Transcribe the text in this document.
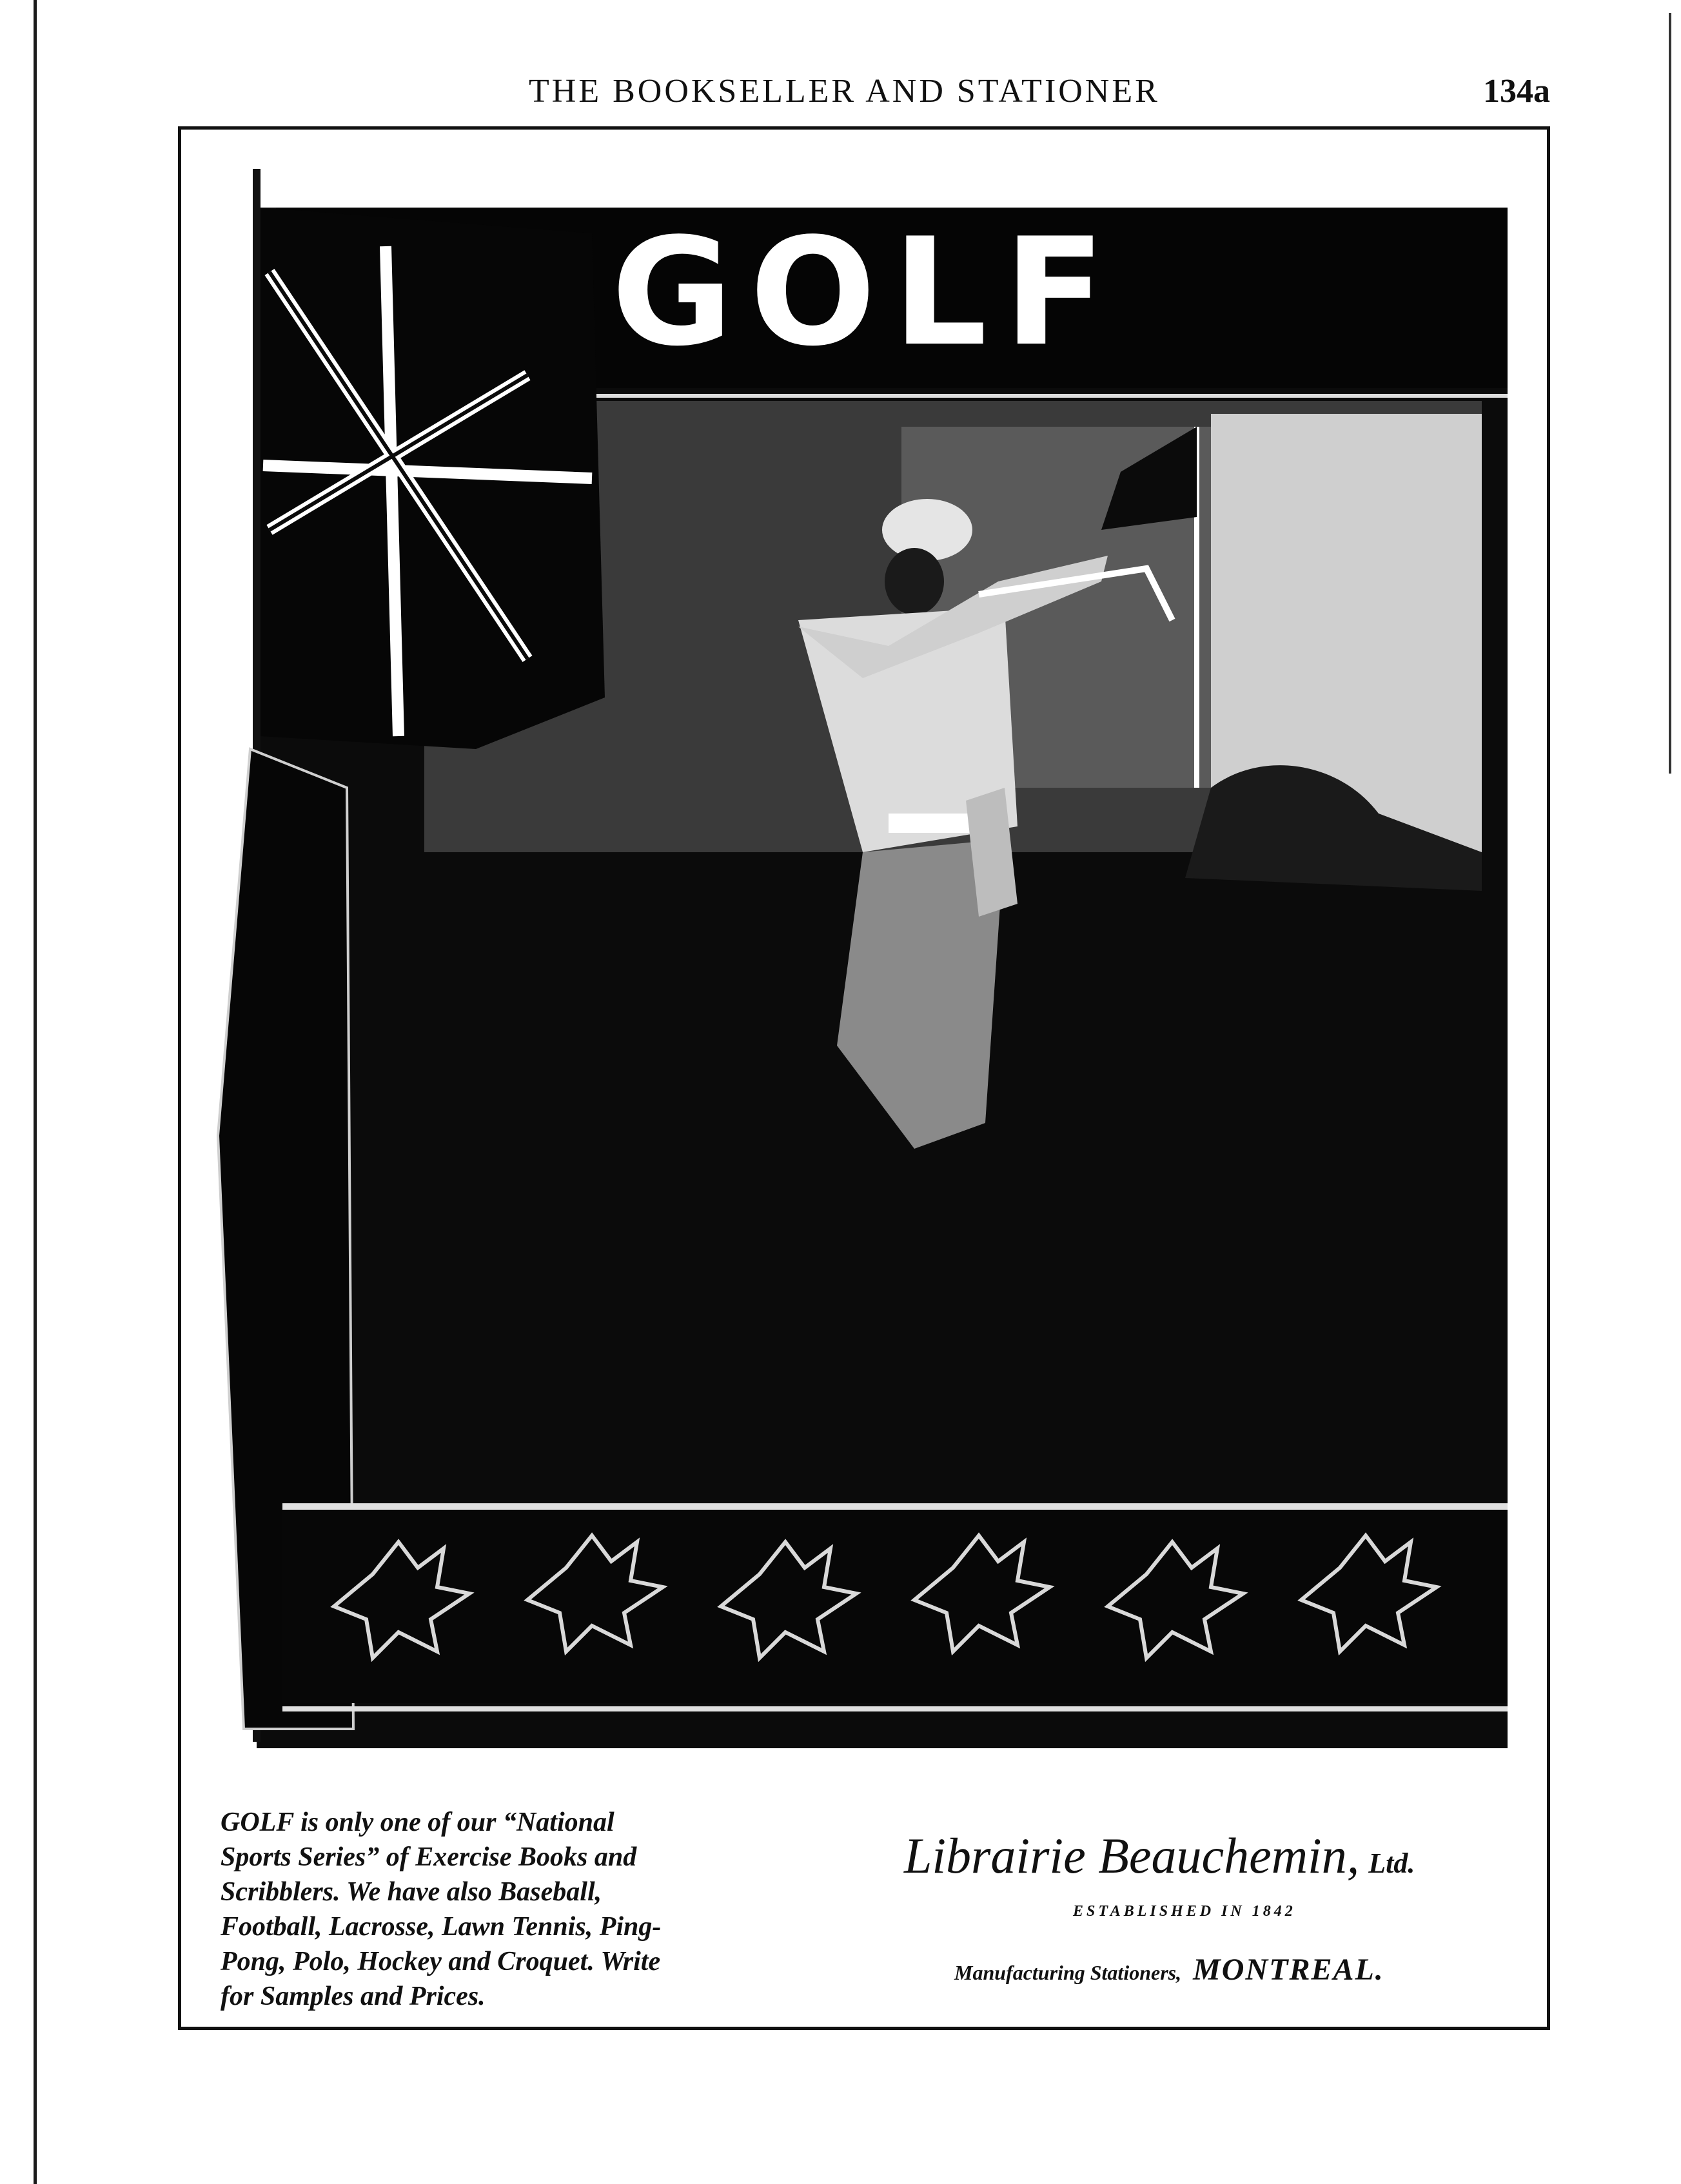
THE BOOKSELLER AND STATIONER	134a
GOLF
GOLF is only one of our “National
Sports Series” of Exercise Books and
Scribblers. We have also Baseball,
Football, Lacrosse, Lawn Tennis, Ping-
Pong, Polo, Hockey and Croquet. Write
for Samples and Prices.
Librairie Beauchemin, Ltd.
ESTABLISHED IN 1842
Manufacturing Stationers, MONTREAL.
